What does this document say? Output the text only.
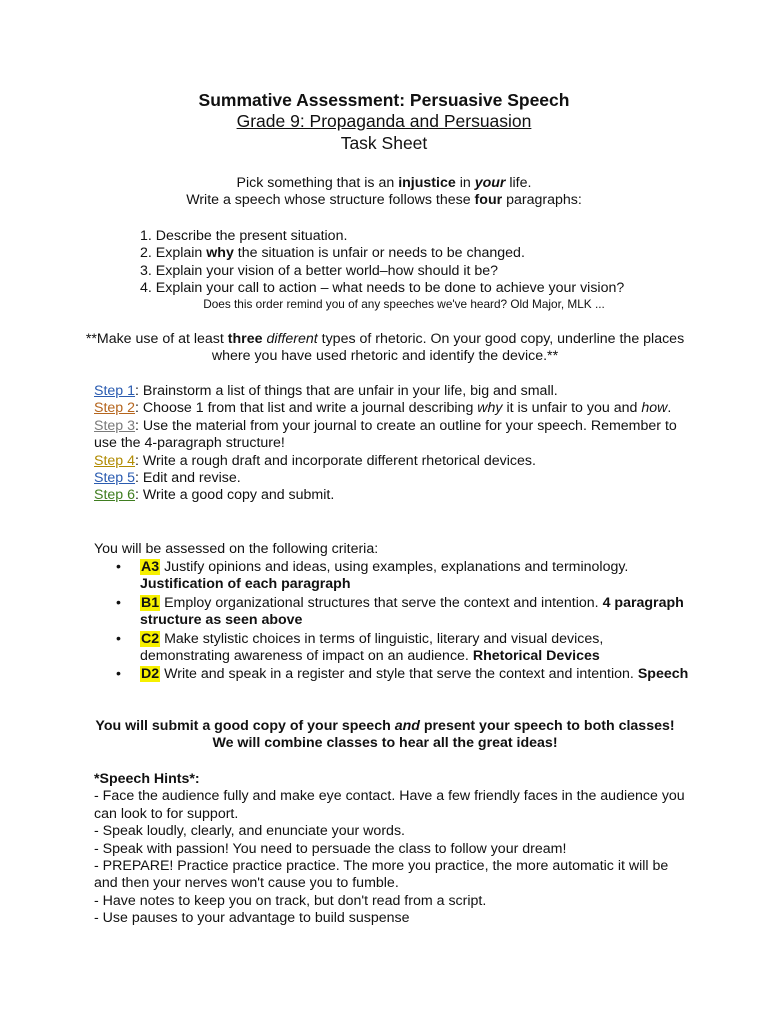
Summative Assessment: Persuasive Speech
Grade 9: Propaganda and Persuasion
Task Sheet
Pick something that is an injustice in your life.
Write a speech whose structure follows these four paragraphs:
1. Describe the present situation.
2. Explain why the situation is unfair or needs to be changed.
3. Explain your vision of a better world–how should it be?
4. Explain your call to action – what needs to be done to achieve your vision?
Does this order remind you of any speeches we've heard? Old Major, MLK ...
**Make use of at least three different types of rhetoric. On your good copy, underline the places where you have used rhetoric and identify the device.**
Step 1: Brainstorm a list of things that are unfair in your life, big and small.
Step 2: Choose 1 from that list and write a journal describing why it is unfair to you and how.
Step 3: Use the material from your journal to create an outline for your speech. Remember to use the 4-paragraph structure!
Step 4: Write a rough draft and incorporate different rhetorical devices.
Step 5: Edit and revise.
Step 6: Write a good copy and submit.
You will be assessed on the following criteria:
• A3 Justify opinions and ideas, using examples, explanations and terminology. Justification of each paragraph
• B1 Employ organizational structures that serve the context and intention. 4 paragraph structure as seen above
• C2 Make stylistic choices in terms of linguistic, literary and visual devices, demonstrating awareness of impact on an audience. Rhetorical Devices
• D2 Write and speak in a register and style that serve the context and intention. Speech
You will submit a good copy of your speech and present your speech to both classes! We will combine classes to hear all the great ideas!
*Speech Hints*:
- Face the audience fully and make eye contact. Have a few friendly faces in the audience you can look to for support.
- Speak loudly, clearly, and enunciate your words.
- Speak with passion! You need to persuade the class to follow your dream!
- PREPARE! Practice practice practice. The more you practice, the more automatic it will be and then your nerves won't cause you to fumble.
- Have notes to keep you on track, but don't read from a script.
- Use pauses to your advantage to build suspense
